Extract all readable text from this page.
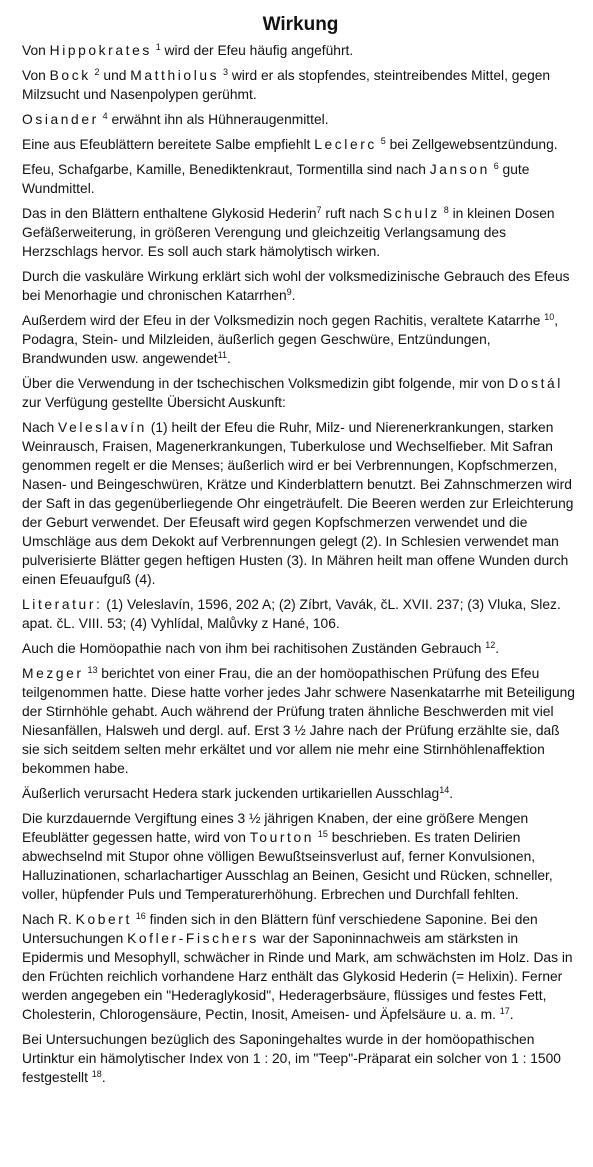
Wirkung

Von Hippokrates $^1$ wird der Efeu häufig angeführt.

Von Bock $^2$ und Matthiolus $^3$ wird er als stopfendes, steintreibendes Mittel, gegen Milzsucht und Nasenpolypen gerühmt.

Osiander $^4$ erwähnt ihn als Hühneraugenmittel.

Eine aus Efeublättern bereitete Salbe empfiehlt Leclerc $^5$ bei Zellgewebsentzündung.

Efeu, Schafgarbe, Kamille, Benediktenkraut, Tormentilla sind nach Janson $^6$ gute Wundmittel.

Das in den Blättern enthaltene Glykosid Hederin$^7$ ruft nach Schulz $^8$ in kleinen Dosen Gefäßerweiterung, in größeren Verengung und gleichzeitig Verlangsamung des Herzschlags hervor. Es soll auch stark hämolytisch wirken.

Durch die vaskuläre Wirkung erklärt sich wohl der volksmedizinische Gebrauch des Efeus bei Menorhagie und chronischen Katarrhen$^9$.

Außerdem wird der Efeu in der Volksmedizin noch gegen Rachitis, veraltete Katarrhe $^{10}$, Podagra, Stein- und Milzleiden, äußerlich gegen Geschwüre, Entzündungen, Brandwunden usw. angewendet$^{11}$.

Über die Verwendung in der tschechischen Volksmedizin gibt folgende, mir von Dostál zur Verfügung gestellte Übersicht Auskunft:

Nach Veleslavín (1) heilt der Efeu die Ruhr, Milz- und Nierenerkrankungen, starken Weinrausch, Fraisen, Magenerkrankungen, Tuberkulose und Wechselfieber. Mit Safran genommen regelt er die Menses; äußerlich wird er bei Verbrennungen, Kopfschmerzen, Nasen- und Beingeschwüren, Krätze und Kinderblattern benutzt. Bei Zahnschmerzen wird der Saft in das gegenüberliegende Ohr eingeträufelt. Die Beeren werden zur Erleichterung der Geburt verwendet. Der Efeusaft wird gegen Kopfschmerzen verwendet und die Umschläge aus dem Dekokt auf Verbrennungen gelegt (2). In Schlesien verwendet man pulverisierte Blätter gegen heftigen Husten (3). In Mähren heilt man offene Wunden durch einen Efeuaufguß (4).

Literatur: (1) Veleslavín, 1596, 202 A; (2) Zíbrt, Vavák, čL. XVII. 237; (3) Vluka, Slez. apat. čL. VIII. 53; (4) Vyhlídal, Malůvky z Hané, 106.

Auch die Homöopathie nach von ihm bei rachitisohen Zuständen Gebrauch $^{12}$.

Mezger $^{13}$ berichtet von einer Frau, die an der homöopathischen Prüfung des Efeu teilgenommen hatte. Diese hatte vorher jedes Jahr schwere Nasenkatarrhe mit Beteiligung der Stirnhöhle gehabt. Auch während der Prüfung traten ähnliche Beschwerden mit viel Niesanfällen, Halsweh und dergl. auf. Erst 3 ½ Jahre nach der Prüfung erzählte sie, daß sie sich seitdem selten mehr erkältet und vor allem nie mehr eine Stirnhöhlenaffektion bekommen habe.

Äußerlich verursacht Hedera stark juckenden urtikariellen Ausschlag$^{14}$.

Die kurzdauernde Vergiftung eines 3 ½ jährigen Knaben, der eine größere Mengen Efeublätter gegessen hatte, wird von Tourton $^{15}$ beschrieben. Es traten Delirien abwechselnd mit Stupor ohne völligen Bewußtseinsverlust auf, ferner Konvulsionen, Halluzinationen, scharlachartiger Ausschlag an Beinen, Gesicht und Rücken, schneller, voller, hüpfender Puls und Temperaturerhöhung. Erbrechen und Durchfall fehlten.

Nach R. Kobert $^{16}$ finden sich in den Blättern fünf verschiedene Saponine. Bei den Untersuchungen Kofler-Fischers war der Saponinnachweis am stärksten in Epidermis und Mesophyll, schwächer in Rinde und Mark, am schwächsten im Holz. Das in den Früchten reichlich vorhandene Harz enthält das Glykosid Hederin (= Helixin). Ferner werden angegeben ein "Hederaglykosid", Hederagerbsäure, flüssiges und festes Fett, Cholesterin, Chlorogensäure, Pectin, Inosit, Ameisen- und Äpfelsäure u. a. m. $^{17}$.

Bei Untersuchungen bezüglich des Saponingehaltes wurde in der homöopathischen Urtinktur ein hämolytischer Index von 1 : 20, im "Teep"-Präparat ein solcher von 1 : 1500 festgestellt $^{18}$.
